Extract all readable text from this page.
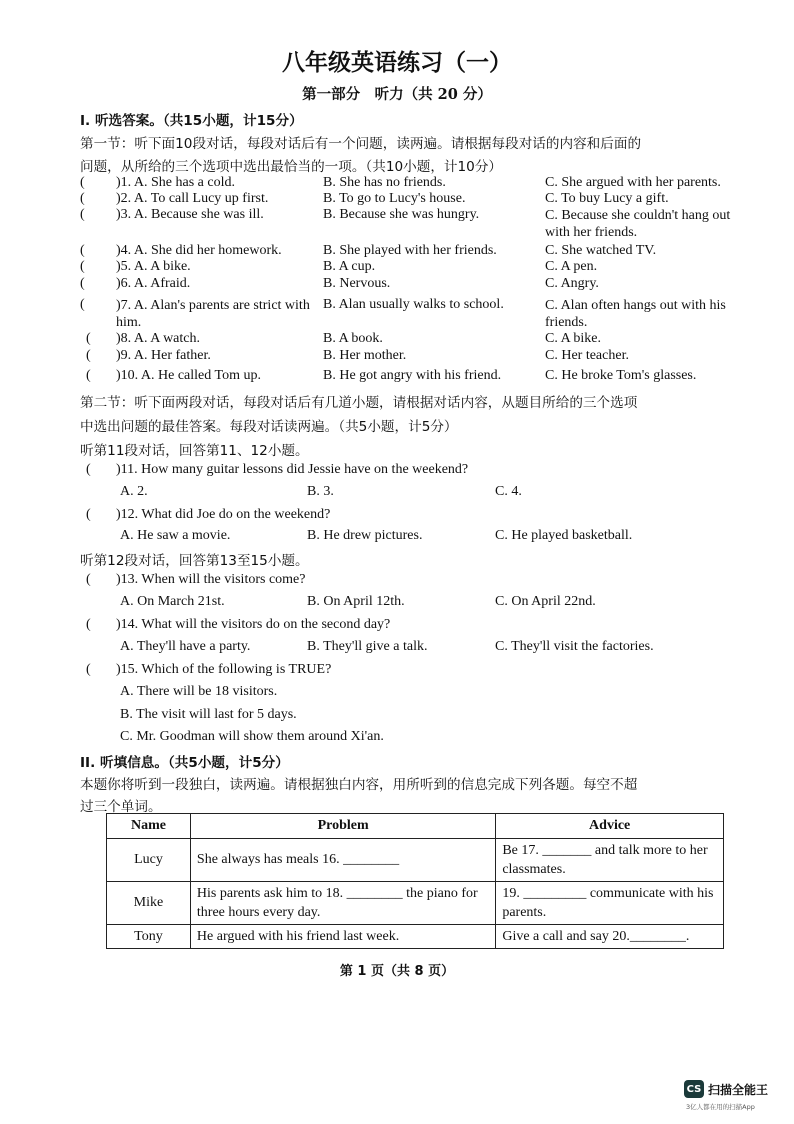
八年级英语练习（一）
第一部分　听力（共 20 分）
I. 听选答案。（共15小题，计15分）
第一节：听下面10段对话，每段对话后有一个问题，读两遍。请根据每段对话的内容和后面的
问题，从所给的三个选项中选出最恰当的一项。（共10小题，计10分）
( )1. A. She has a cold.	B. She has no friends.	C. She argued with her parents.
( )2. A. To call Lucy up first.	B. To go to Lucy's house.	C. To buy Lucy a gift.
( )3. A. Because she was ill.	B. Because she was hungry.	C. Because she couldn't hang out with her friends.
( )4. A. She did her homework.	B. She played with her friends.	C. She watched TV.
( )5. A. A bike.	B. A cup.	C. A pen.
( )6. A. Afraid.	B. Nervous.	C. Angry.
( )7. A. Alan's parents are strict with him.
B. Alan usually walks to school.	C. Alan often hangs out with his friends.
( )8. A. A watch.	B. A book.	C. A bike.
( )9. A. Her father.	B. Her mother.	C. Her teacher.
( )10. A. He called Tom up.	B. He got angry with his friend.	C. He broke Tom's glasses.
第二节：听下面两段对话，每段对话后有几道小题，请根据对话内容，从题目所给的三个选项
中选出问题的最佳答案。每段对话读两遍。（共5小题，计5分）
听第11段对话，回答第11、12小题。
( )11. How many guitar lessons did Jessie have on the weekend?
A. 2.	B. 3.	C. 4.
( )12. What did Joe do on the weekend?
A. He saw a movie.	B. He drew pictures.	C. He played basketball.
听第12段对话，回答第13至15小题。
( )13. When will the visitors come?
A. On March 21st.	B. On April 12th.	C. On April 22nd.
( )14. What will the visitors do on the second day?
A. They'll have a party.	B. They'll give a talk.	C. They'll visit the factories.
( )15. Which of the following is TRUE?
A. There will be 18 visitors.
B. The visit will last for 5 days.
C. Mr. Goodman will show them around Xi'an.
II. 听填信息。（共5小题，计5分）
本题你将听到一段独白，读两遍。请根据独白内容，用所听到的信息完成下列各题。每空不超
过三个单词。
Name	Problem	Advice
Lucy	She always has meals 16. ________	Be 17. _______ and talk more to her classmates.
Mike	His parents ask him to 18. ________ the piano for three hours every day.	19. _________ communicate with his parents.
Tony	He argued with his friend last week.	Give a call and say 20.________.
第 1 页（共 8 页）
CS 扫描全能王
3亿人都在用的扫描App
